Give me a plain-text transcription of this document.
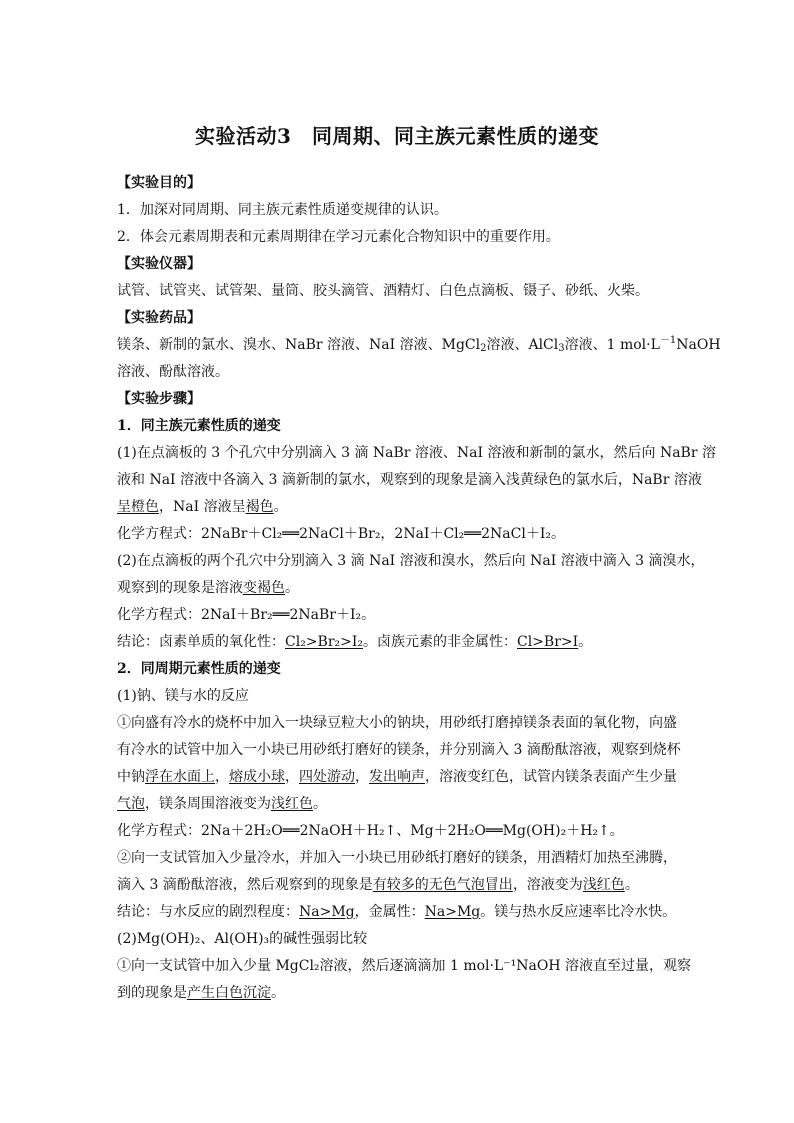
实验活动3　同周期、同主族元素性质的递变
【实验目的】
1．加深对同周期、同主族元素性质递变规律的认识。
2．体会元素周期表和元素周期律在学习元素化合物知识中的重要作用。
【实验仪器】
试管、试管夹、试管架、量筒、胶头滴管、酒精灯、白色点滴板、镊子、砂纸、火柴。
【实验药品】
镁条、新制的氯水、溴水、NaBr 溶液、NaI 溶液、MgCl$_2$溶液、AlCl$_3$溶液、1 $mol\cdot L^{-1}NaOH$
溶液、酚酞溶液。
【实验步骤】
1．同主族元素性质的递变
(1)在点滴板的 3 个孔穴中分别滴入 3 滴 NaBr 溶液、NaI 溶液和新制的氯水，然后向 NaBr 溶
液和 NaI 溶液中各滴入 3 滴新制的氯水，观察到的现象是滴入浅黄绿色的氯水后，NaBr 溶液
呈橙色，NaI 溶液呈褐色。
化学方程式：2NaBr＋Cl₂══2NaCl＋Br₂，2NaI＋Cl₂══2NaCl＋I₂。
(2)在点滴板的两个孔穴中分别滴入 3 滴 NaI 溶液和溴水，然后向 NaI 溶液中滴入 3 滴溴水，
观察到的现象是溶液变褐色。
化学方程式：2NaI＋Br₂══2NaBr＋I₂。
结论：卤素单质的氧化性：Cl₂>Br₂>I₂。卤族元素的非金属性：Cl>Br>I。
2．同周期元素性质的递变
(1)钠、镁与水的反应
①向盛有冷水的烧杯中加入一块绿豆粒大小的钠块，用砂纸打磨掉镁条表面的氧化物，向盛
有冷水的试管中加入一小块已用砂纸打磨好的镁条，并分别滴入 3 滴酚酞溶液，观察到烧杯
中钠浮在水面上，熔成小球，四处游动，发出响声，溶液变红色，试管内镁条表面产生少量
气泡，镁条周围溶液变为浅红色。
化学方程式：2Na＋2H₂O══2NaOH＋H₂↑、Mg＋2H₂O══Mg(OH)₂＋H₂↑。
②向一支试管加入少量冷水，并加入一小块已用砂纸打磨好的镁条，用酒精灯加热至沸腾，
滴入 3 滴酚酞溶液，然后观察到的现象是有较多的无色气泡冒出，溶液变为浅红色。
结论：与水反应的剧烈程度：Na>Mg，金属性：Na>Mg。镁与热水反应速率比冷水快。
(2)Mg(OH)₂、Al(OH)₃的碱性强弱比较
①向一支试管中加入少量 MgCl₂溶液，然后逐滴滴加 1 mol·L⁻¹NaOH 溶液直至过量，观察
到的现象是产生白色沉淀。
